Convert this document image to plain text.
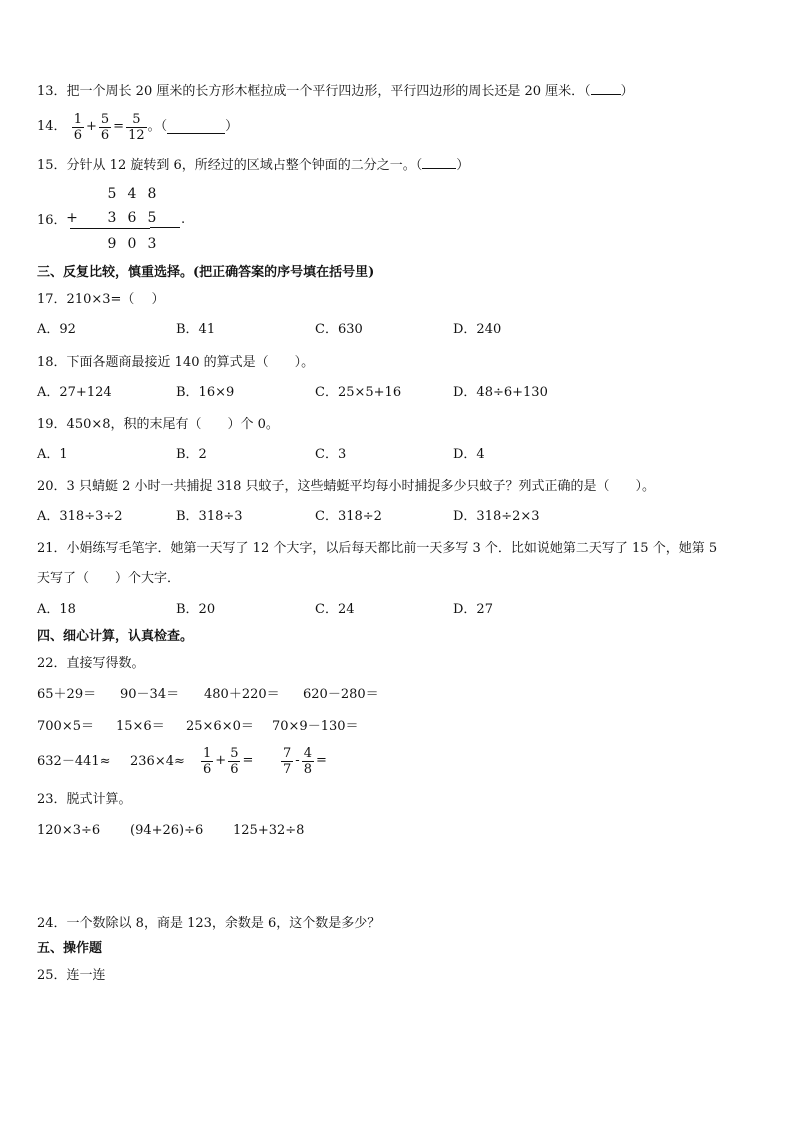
13．把一个周长 20 厘米的长方形木框拉成一个平行四边形，平行四边形的周长还是 20 厘米．（ ）
14． $\frac{1}{6} + \frac{5}{6} = \frac{5}{12}$ 。（	）
15．分针从 12 旋转到 6，所经过的区域占整个钟面的二分之一。（	）
16．
5 4 8
+ 3 6 5	.
9 0 3
三、反复比较，慎重选择。(把正确答案的序号填在括号里)
17．210×3=（　 ）
A．92	B．41	C．630	D．240
18．下面各题商最接近 140 的算式是（　　）。
A．27+124	B．16×9	C．25×5+16	D．48÷6+130
19．450×8，积的末尾有（　　）个 0。
A．1	B．2	C．3	D．4
20．3 只蜻蜓 2 小时一共捕捉 318 只蚊子，这些蜻蜓平均每小时捕捉多少只蚊子？列式正确的是（　　）。
A．318÷3÷2	B．318÷3	C．318÷2	D．318÷2×3
21．小娟练写毛笔字．她第一天写了 12 个大字，以后每天都比前一天多写 3 个．比如说她第二天写了 15 个，她第 5
天写了（　　）个大字．
A．18	B．20	C．24	D．27
四、细心计算，认真检查。
22．直接写得数。
65＋29＝ 90－34＝ 480＋220＝ 620－280＝
700×5＝ 15×6＝ 25×6×0＝ 70×9－130＝
$632-441\approx 236\times 4\approx \frac{1}{6} + \frac{5}{6} = \frac{7}{7} - \frac{4}{8}$ =
23．脱式计算。
120×3÷6 (94+26)÷6 125+32÷8
24．一个数除以 8，商是 123，余数是 6，这个数是多少？
五、操作题
25．连一连
